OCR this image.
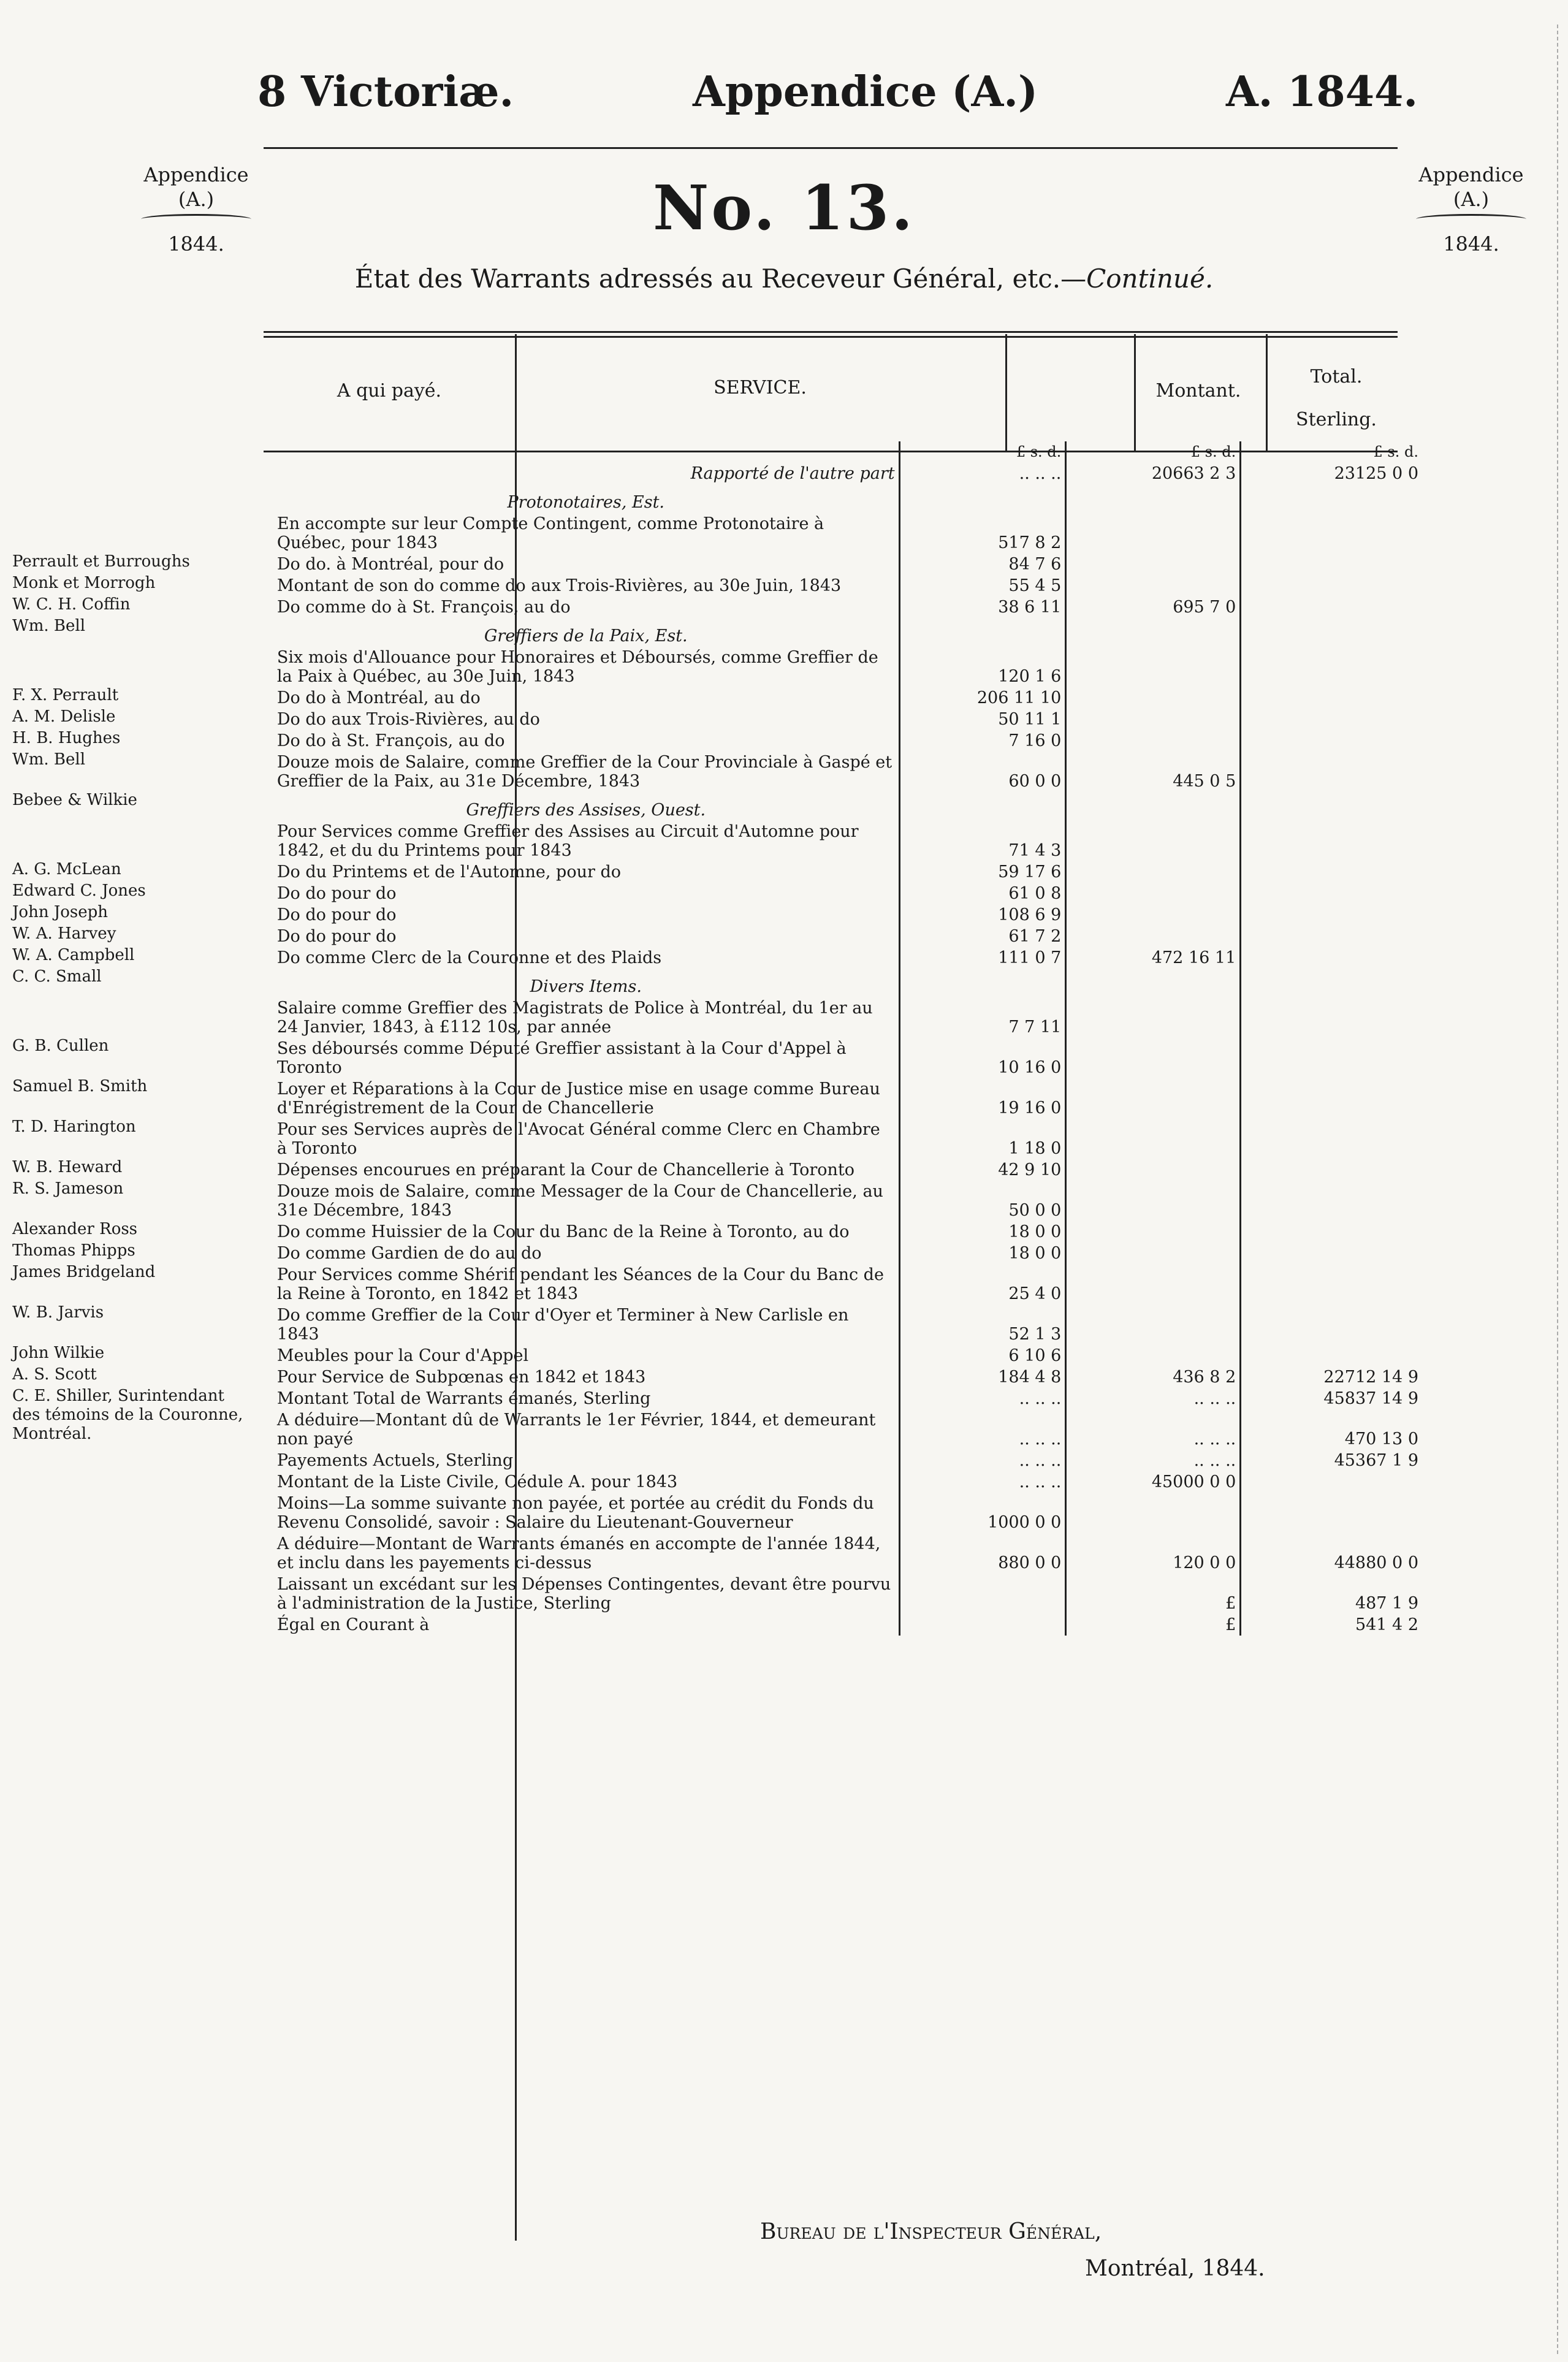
8 Victoriæ.	Appendice (A.)	A. 1844.
Appendice
(A.)
1844.
Appendice
(A.)
1844.
No. 13.
État des Warrants adressés au Receveur Général, etc.—Continué.
A qui payé.	SERVICE.	Montant.
Total.
Sterling.
		£ s. d.	£ s. d.	£ s. d.
	Rapporté de l'autre part	.. .. ..	20663 2 3	23125 0 0
	Protonotaires, Est.			

Perrault et Burroughs	En accompte sur leur Compte Contingent, comme Protonotaire à Québec, pour 1843	517 8 2		

Monk et Morrogh	Do do. à Montréal, pour do	84 7 6		

W. C. H. Coffin	Montant de son do comme do aux Trois-Rivières, au 30e Juin, 1843	55 4 5		

Wm. Bell	Do comme do à St. François, au do	38 6 11	695 7 0	
	Greffiers de la Paix, Est.			

F. X. Perrault	Six mois d'Allouance pour Honoraires et Déboursés, comme Greffier de la Paix à Québec, au 30e Juin, 1843	120 1 6		

A. M. Delisle	Do do à Montréal, au do	206 11 10		

H. B. Hughes	Do do aux Trois-Rivières, au do	50 11 1		

Wm. Bell	Do do à St. François, au do	7 16 0		

Bebee & Wilkie	Douze mois de Salaire, comme Greffier de la Cour Provinciale à Gaspé et Greffier de la Paix, au 31e Décembre, 1843	60 0 0	445 0 5	
	Greffiers des Assises, Ouest.			

A. G. McLean	Pour Services comme Greffier des Assises au Circuit d'Automne pour 1842, et du du Printems pour 1843	71 4 3		

Edward C. Jones	Do du Printems et de l'Automne, pour do	59 17 6		

John Joseph	Do do pour do	61 0 8		

W. A. Harvey	Do do pour do	108 6 9		

W. A. Campbell	Do do pour do	61 7 2		

C. C. Small	Do comme Clerc de la Couronne et des Plaids	111 0 7	472 16 11	
	Divers Items.			

G. B. Cullen	Salaire comme Greffier des Magistrats de Police à Montréal, du 1er au 24 Janvier, 1843, à £112 10s, par année	7 7 11		

Samuel B. Smith	Ses déboursés comme Député Greffier assistant à la Cour d'Appel à Toronto	10 16 0		

T. D. Harington	Loyer et Réparations à la Cour de Justice mise en usage comme Bureau d'Enrégistrement de la Cour de Chancellerie	19 16 0		

W. B. Heward	Pour ses Services auprès de l'Avocat Général comme Clerc en Chambre à Toronto	1 18 0		

R. S. Jameson	Dépenses encourues en préparant la Cour de Chancellerie à Toronto	42 9 10		

Alexander Ross	Douze mois de Salaire, comme Messager de la Cour de Chancellerie, au 31e Décembre, 1843	50 0 0		

Thomas Phipps	Do comme Huissier de la Cour du Banc de la Reine à Toronto, au do	18 0 0		

James Bridgeland	Do comme Gardien de do au do	18 0 0		

W. B. Jarvis	Pour Services comme Shérif pendant les Séances de la Cour du Banc de la Reine à Toronto, en 1842 et 1843	25 4 0		

John Wilkie	Do comme Greffier de la Cour d'Oyer et Terminer à New Carlisle en 1843	52 1 3		

A. S. Scott	Meubles pour la Cour d'Appel	6 10 6		

C. E. Shiller, Surintendant des témoins de la Couronne, Montréal.	Pour Service de Subpœnas en 1842 et 1843	184 4 8	436 8 2	22712 14 9
	Montant Total de Warrants émanés, Sterling	.. .. ..	.. .. ..	45837 14 9
	A déduire—Montant dû de Warrants le 1er Février, 1844, et demeurant non payé	.. .. ..	.. .. ..	470 13 0
	Payements Actuels, Sterling	.. .. ..	.. .. ..	45367 1 9
	Montant de la Liste Civile, Cédule A. pour 1843	.. .. ..	45000 0 0	
	Moins—La somme suivante non payée, et portée au crédit du Fonds du Revenu Consolidé, savoir : Salaire du Lieutenant-Gouverneur	1000 0 0		
	A déduire—Montant de Warrants émanés en accompte de l'année 1844, et inclu dans les payements ci-dessus	880 0 0	120 0 0	44880 0 0
	Laissant un excédant sur les Dépenses Contingentes, devant être pourvu à l'administration de la Justice, Sterling		£	487 1 9
	Égal en Courant à		£	541 4 2
Bureau de l'Inspecteur Général,
Montréal, 1844.
